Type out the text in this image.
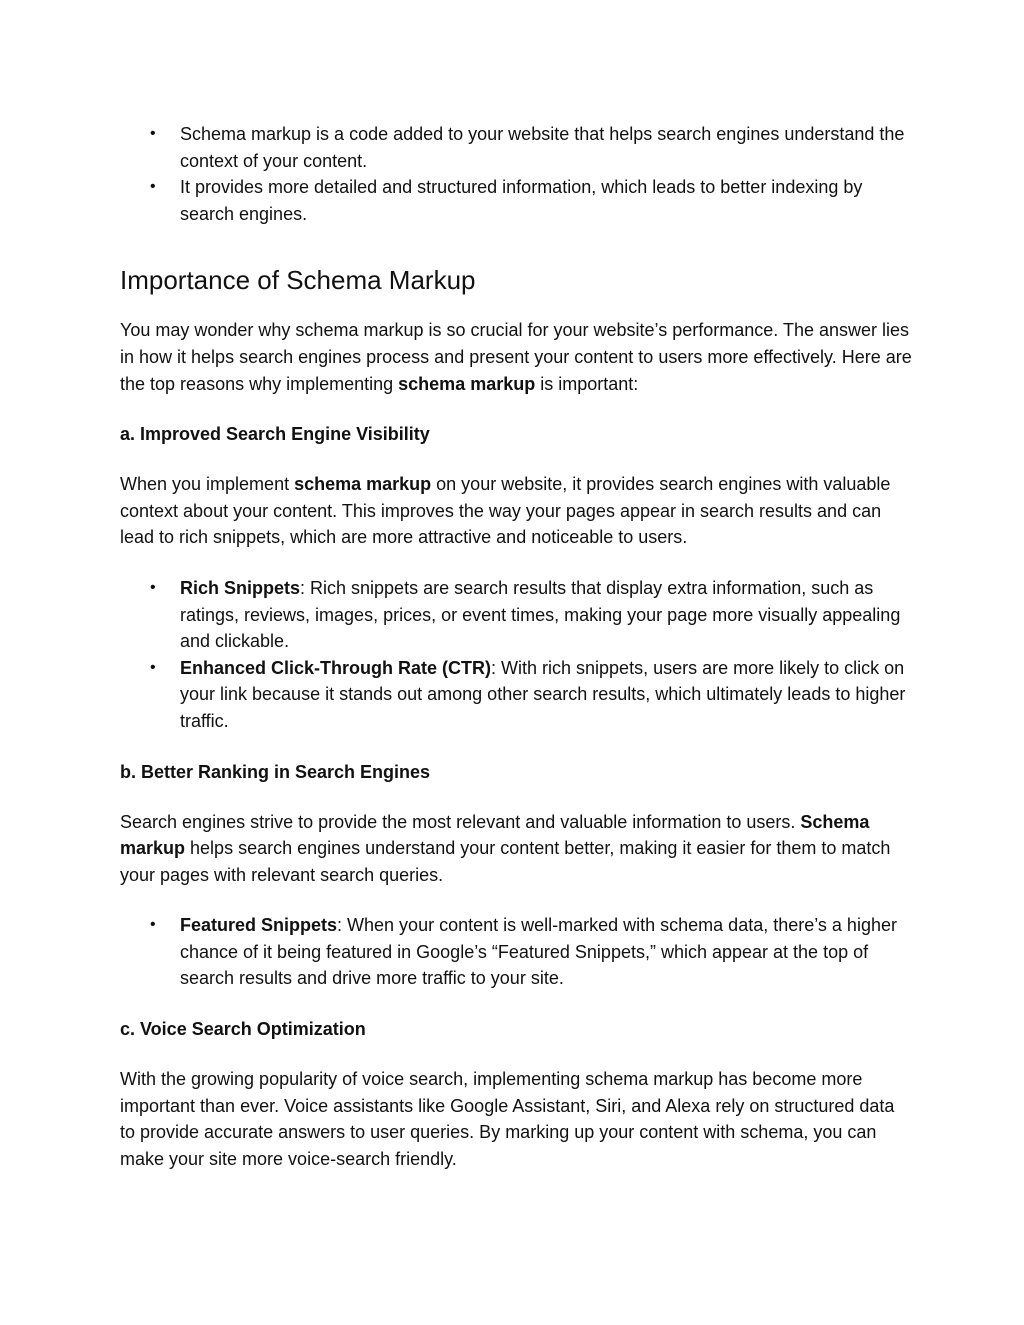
• Schema markup is a code added to your website that helps search engines understand the context of your content.
• It provides more detailed and structured information, which leads to better indexing by search engines.
Importance of Schema Markup

You may wonder why schema markup is so crucial for your website’s performance. The answer lies in how it helps search engines process and present your content to users more effectively. Here are the top reasons why implementing schema markup is important:

a. Improved Search Engine Visibility

When you implement schema markup on your website, it provides search engines with valuable context about your content. This improves the way your pages appear in search results and can lead to rich snippets, which are more attractive and noticeable to users.

• Rich Snippets: Rich snippets are search results that display extra information, such as ratings, reviews, images, prices, or event times, making your page more visually appealing and clickable.
• Enhanced Click-Through Rate (CTR): With rich snippets, users are more likely to click on your link because it stands out among other search results, which ultimately leads to higher traffic.
b. Better Ranking in Search Engines

Search engines strive to provide the most relevant and valuable information to users. Schema markup helps search engines understand your content better, making it easier for them to match your pages with relevant search queries.

• Featured Snippets: When your content is well-marked with schema data, there’s a higher chance of it being featured in Google’s “Featured Snippets,” which appear at the top of search results and drive more traffic to your site.
c. Voice Search Optimization

With the growing popularity of voice search, implementing schema markup has become more important than ever. Voice assistants like Google Assistant, Siri, and Alexa rely on structured data to provide accurate answers to user queries. By marking up your content with schema, you can make your site more voice-search friendly.
